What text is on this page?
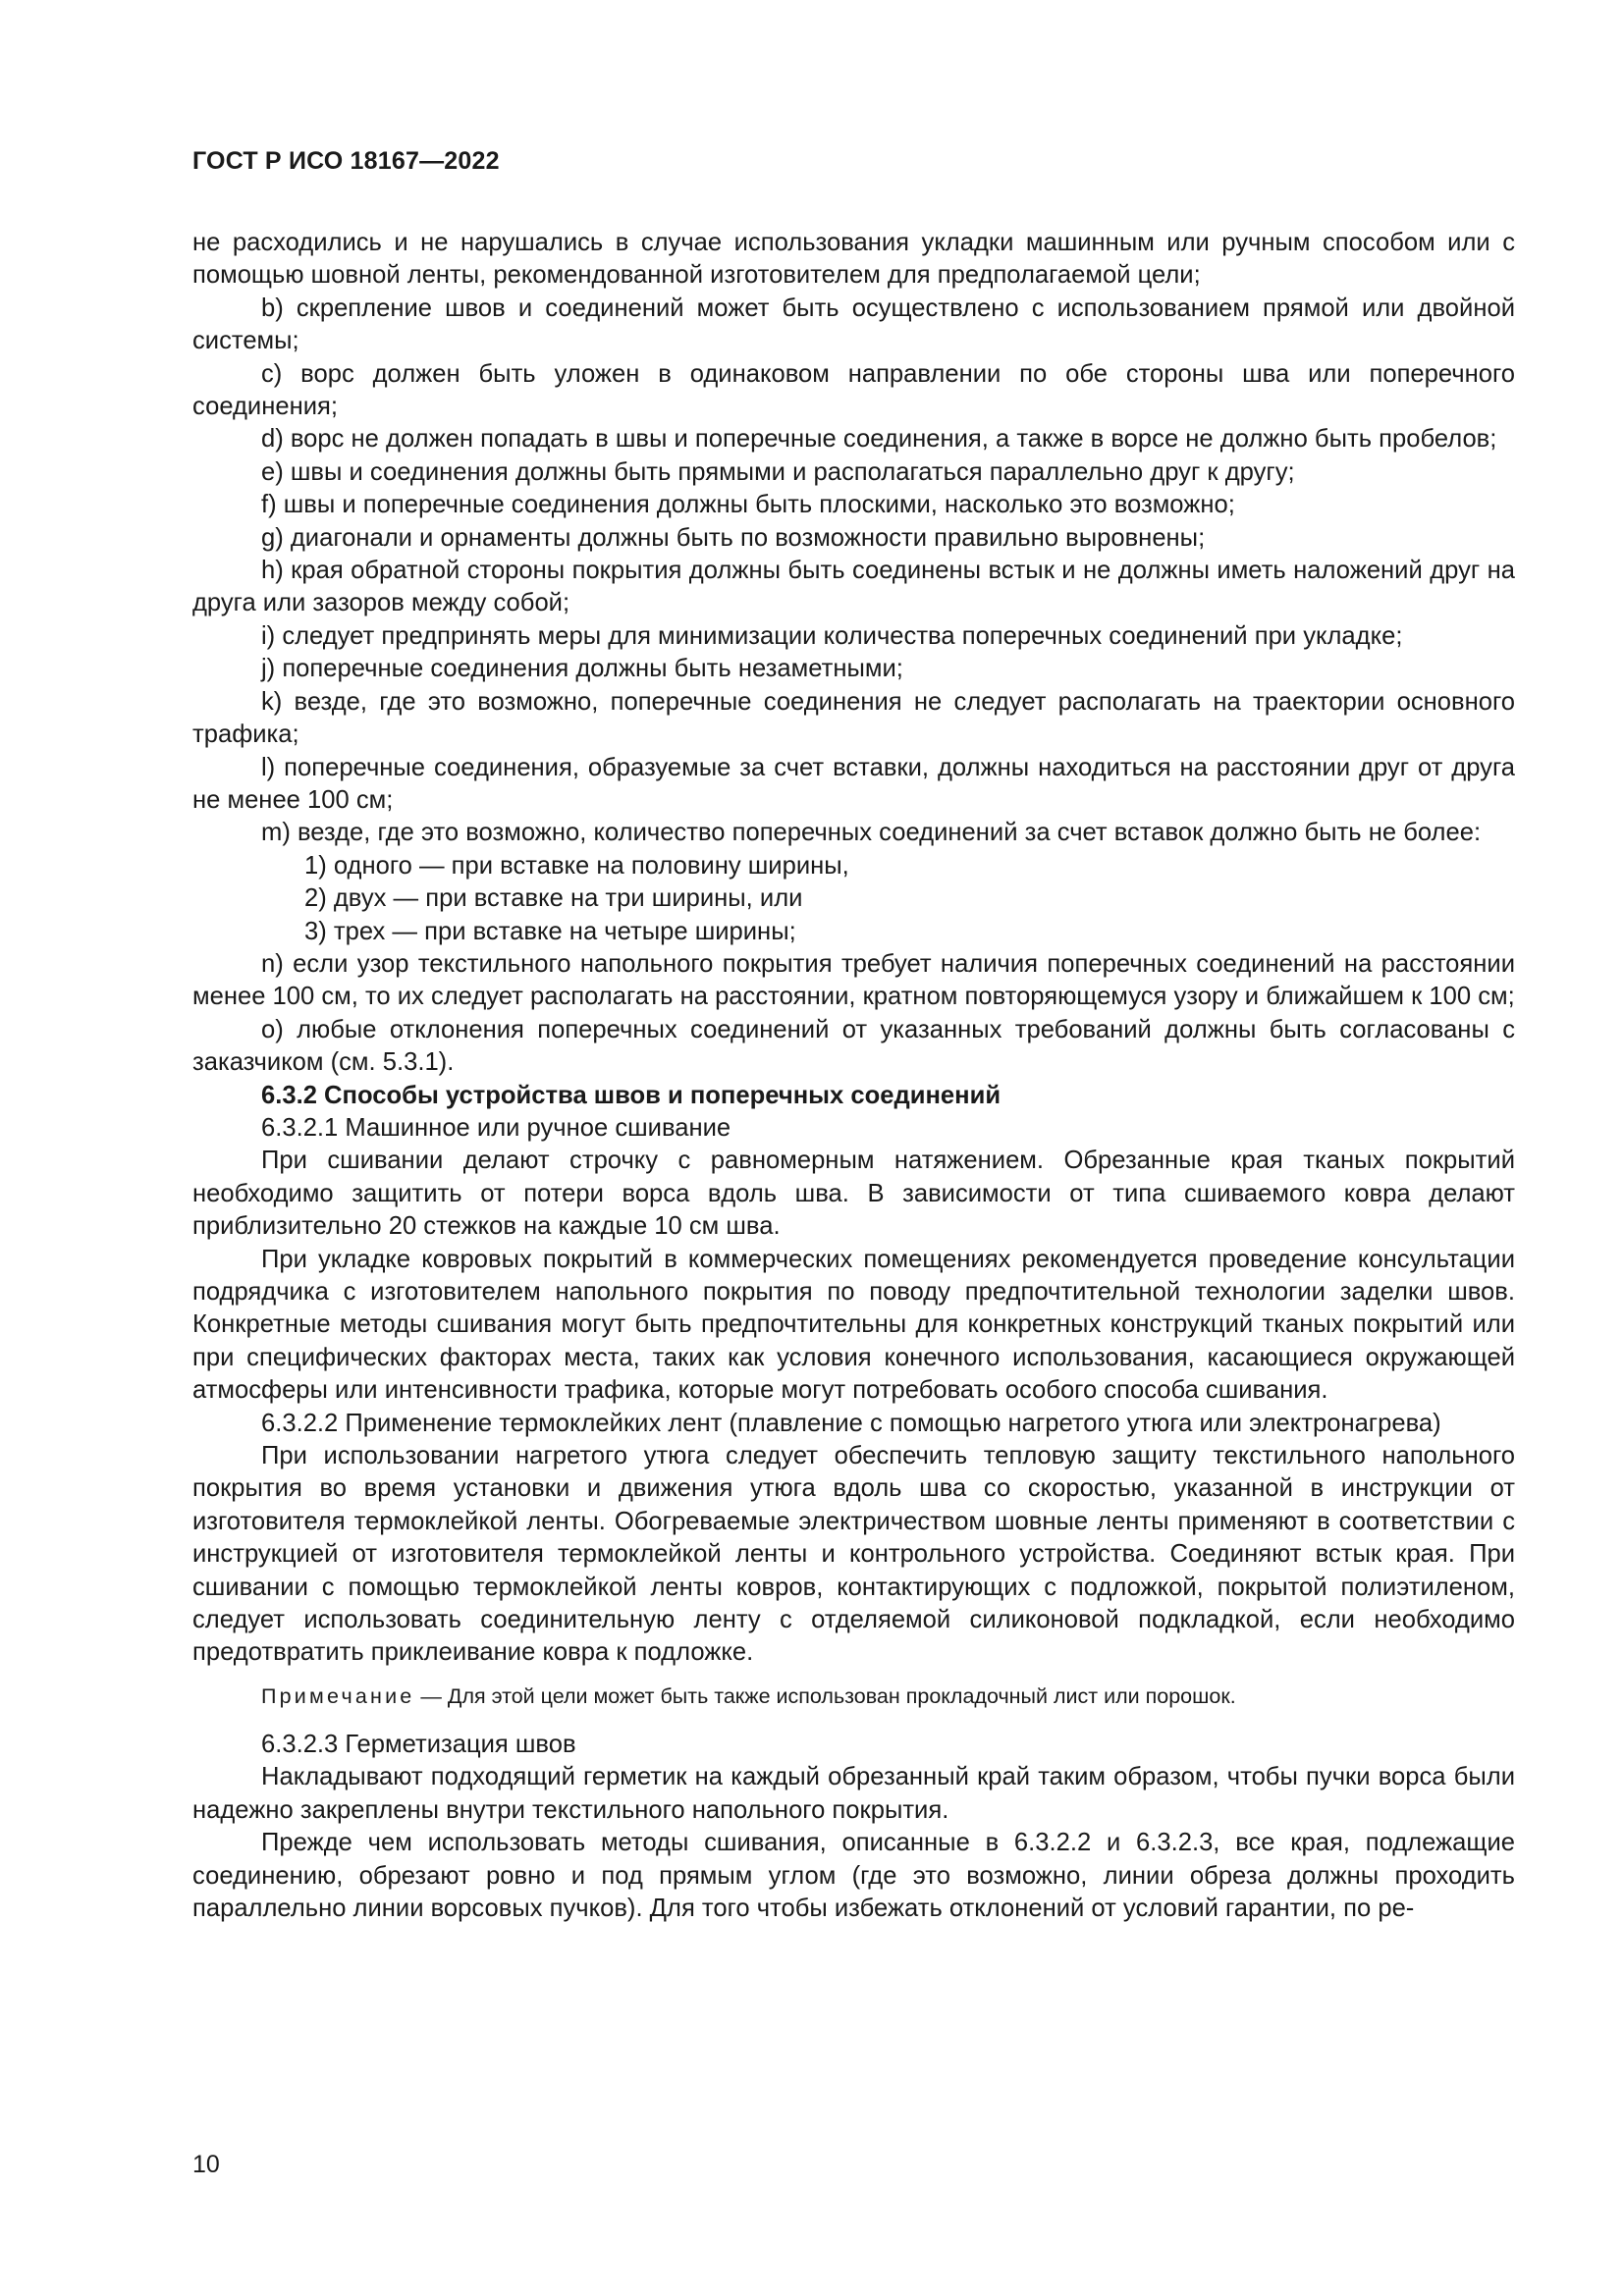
ГОСТ Р ИСО 18167—2022

не расходились и не нарушались в случае использования укладки машинным или ручным способом или с помощью шовной ленты, рекомендованной изготовителем для предполагаемой цели;

b) скрепление швов и соединений может быть осуществлено с использованием прямой или двойной системы;

c) ворс должен быть уложен в одинаковом направлении по обе стороны шва или поперечного соединения;

d) ворс не должен попадать в швы и поперечные соединения, а также в ворсе не должно быть пробелов;

e) швы и соединения должны быть прямыми и располагаться параллельно друг к другу;

f) швы и поперечные соединения должны быть плоскими, насколько это возможно;

g) диагонали и орнаменты должны быть по возможности правильно выровнены;

h) края обратной стороны покрытия должны быть соединены встык и не должны иметь наложений друг на друга или зазоров между собой;

i) следует предпринять меры для минимизации количества поперечных соединений при укладке;

j) поперечные соединения должны быть незаметными;

k) везде, где это возможно, поперечные соединения не следует располагать на траектории основного трафика;

l) поперечные соединения, образуемые за счет вставки, должны находиться на расстоянии друг от друга не менее 100 см;

m) везде, где это возможно, количество поперечных соединений за счет вставок должно быть не более:

1) одного — при вставке на половину ширины,

2) двух — при вставке на три ширины, или

3) трех — при вставке на четыре ширины;

n) если узор текстильного напольного покрытия требует наличия поперечных соединений на расстоянии менее 100 см, то их следует располагать на расстоянии, кратном повторяющемуся узору и ближайшем к 100 см;

o) любые отклонения поперечных соединений от указанных требований должны быть согласованы с заказчиком (см. 5.3.1).

6.3.2 Способы устройства швов и поперечных соединений

6.3.2.1 Машинное или ручное сшивание

При сшивании делают строчку с равномерным натяжением. Обрезанные края тканых покрытий необходимо защитить от потери ворса вдоль шва. В зависимости от типа сшиваемого ковра делают приблизительно 20 стежков на каждые 10 см шва.

При укладке ковровых покрытий в коммерческих помещениях рекомендуется проведение консультации подрядчика с изготовителем напольного покрытия по поводу предпочтительной технологии заделки швов. Конкретные методы сшивания могут быть предпочтительны для конкретных конструкций тканых покрытий или при специфических факторах места, таких как условия конечного использования, касающиеся окружающей атмосферы или интенсивности трафика, которые могут потребовать особого способа сшивания.

6.3.2.2 Применение термоклейких лент (плавление с помощью нагретого утюга или электронагрева)

При использовании нагретого утюга следует обеспечить тепловую защиту текстильного напольного покрытия во время установки и движения утюга вдоль шва со скоростью, указанной в инструкции от изготовителя термоклейкой ленты. Обогреваемые электричеством шовные ленты применяют в соответствии с инструкцией от изготовителя термоклейкой ленты и контрольного устройства. Соединяют встык края. При сшивании с помощью термоклейкой ленты ковров, контактирующих с подложкой, покрытой полиэтиленом, следует использовать соединительную ленту с отделяемой силиконовой подкладкой, если необходимо предотвратить приклеивание ковра к подложке.

Примечание — Для этой цели может быть также использован прокладочный лист или порошок.

6.3.2.3 Герметизация швов

Накладывают подходящий герметик на каждый обрезанный край таким образом, чтобы пучки ворса были надежно закреплены внутри текстильного напольного покрытия.

Прежде чем использовать методы сшивания, описанные в 6.3.2.2 и 6.3.2.3, все края, подлежащие соединению, обрезают ровно и под прямым углом (где это возможно, линии обреза должны проходить параллельно линии ворсовых пучков). Для того чтобы избежать отклонений от условий гарантии, по ре-

10
